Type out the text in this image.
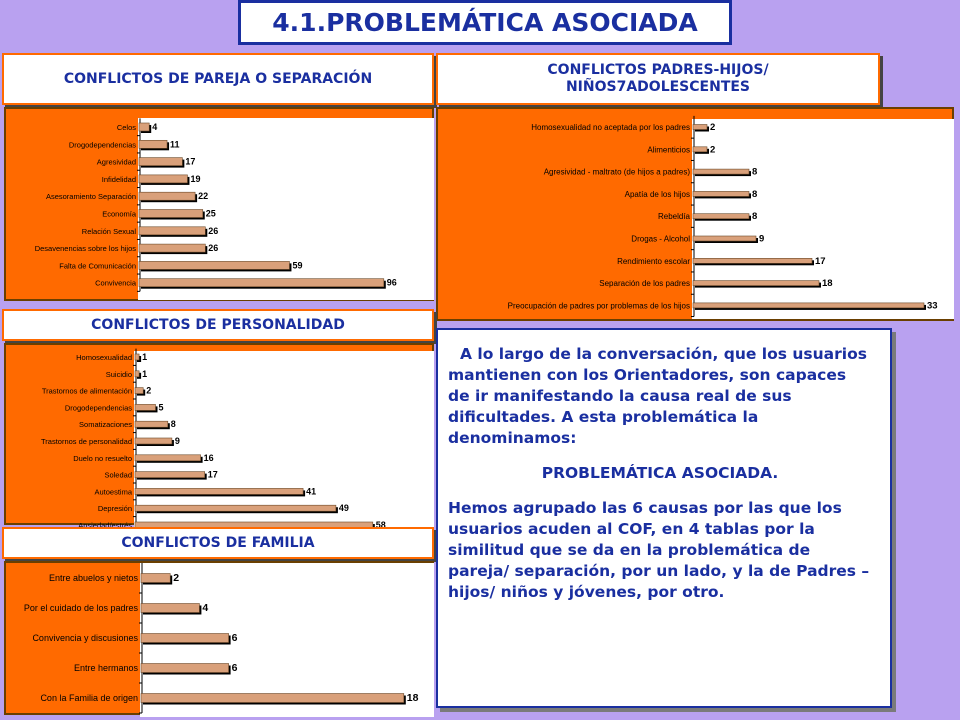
4.1.PROBLEMÁTICA ASOCIADA
CONFLICTOS DE PAREJA O SEPARACIÓN
CONFLICTOS PADRES-HIJOS/ NIÑOS7ADOLESCENTES
Celos 4
Drogodependencias	11
Agresividad	17
Infidelidad	19
Asesoramiento Separación	22
Economía	25
Relación Sexual	26
Desavenencias sobre los hijos	26
Falta de Comunicación	59
Convivencia	96
Homosexualidad no aceptada por los padres 2
Alimenticios 2
Agresividad - maltrato (de hijos a padres)	8
Apatía de los hijos	8
Rebeldía	8
Drogas - Alcohol	9
Rendimiento escolar	17
Separación de los padres	18
Preocupación de padres por problemas de los hijos	33
CONFLICTOS DE PERSONALIDAD
Homosexualidad 1
Suicidio 1
Trastornos de alimentación 2
Drogodependencias	5
Somatizaciones	8
Trastornos de personalidad	9
Duelo no resuelto	16
Soledad	17
Autoestima	41
Depresión	49
Ansiedad/estrés	58
CONFLICTOS DE FAMILIA
Entre abuelos y nietos	2
Por el cuidado de los padres	4
Convivencia y discusiones	6
Entre hermanos	6
Con la Familia de origen	18

A lo largo de la conversación, que los usuarios mantienen con los Orientadores, son capaces de ir manifestando la causa real de sus dificultades. A esta problemática la denominamos:

PROBLEMÁTICA ASOCIADA.

Hemos agrupado las 6 causas por las que los usuarios acuden al COF, en 4 tablas por la similitud que se da en la problemática de pareja/ separación, por un lado, y la de Padres – hijos/ niños y jóvenes, por otro.
